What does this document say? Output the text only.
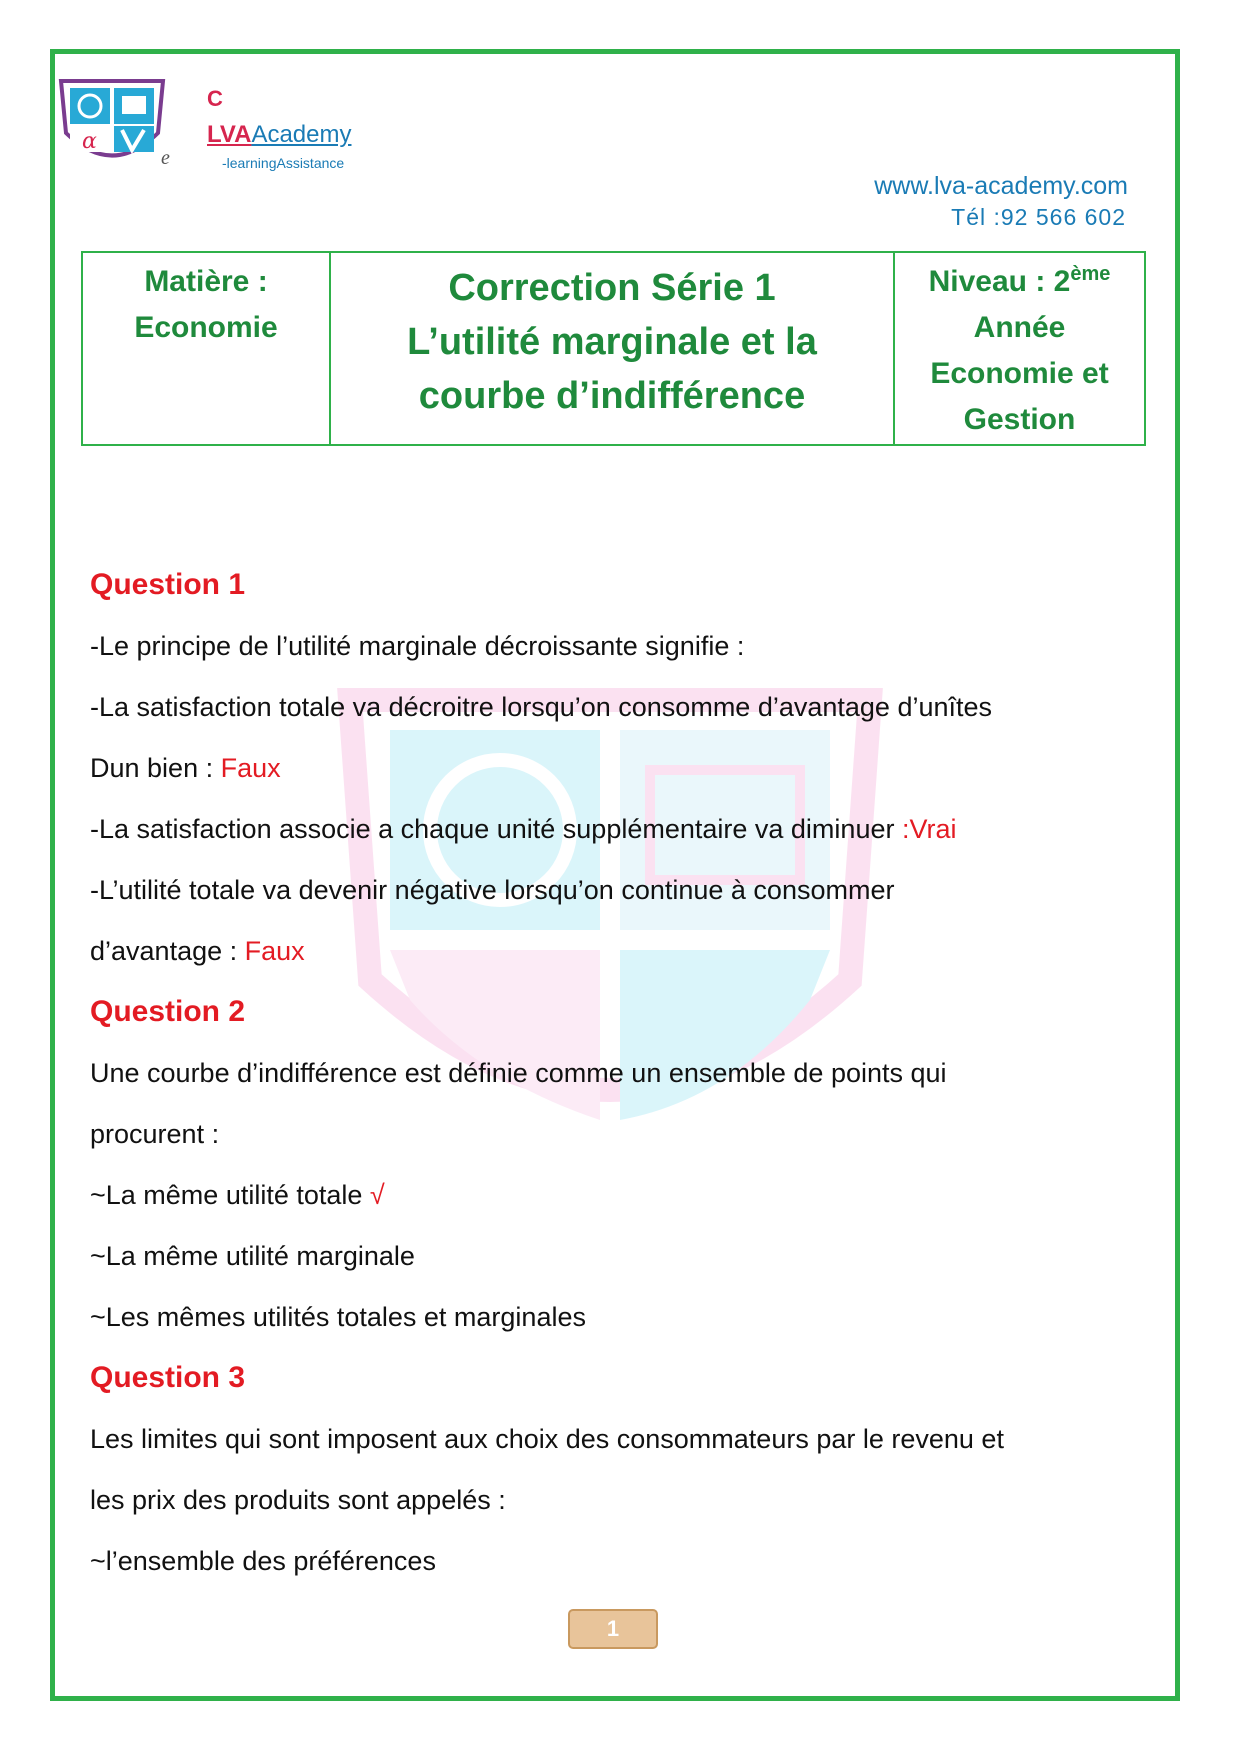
α
C
LVAAcademy
e	-learningAssistance
www.lva-academy.com
Tél :92 566 602
Matière :
Economie

Correction Série 1
L’utilité marginale et la
courbe d’indifférence

Niveau : 2ème
Année
Economie et
Gestion
Question 1
-Le principe de l’utilité marginale décroissante signifie :
-La satisfaction totale va décroitre lorsqu’on consomme d’avantage d’unîtes
Dun bien : Faux
-La satisfaction associe a chaque unité supplémentaire va diminuer :Vrai
-L’utilité totale va devenir négative lorsqu’on continue à consommer
d’avantage : Faux
Question 2
Une courbe d’indifférence est définie comme un ensemble de points qui
procurent :
~La même utilité totale √
~La même utilité marginale
~Les mêmes utilités totales et marginales
Question 3
Les limites qui sont imposent aux choix des consommateurs par le revenu et
les prix des produits sont appelés :
~l’ensemble des préférences
1
